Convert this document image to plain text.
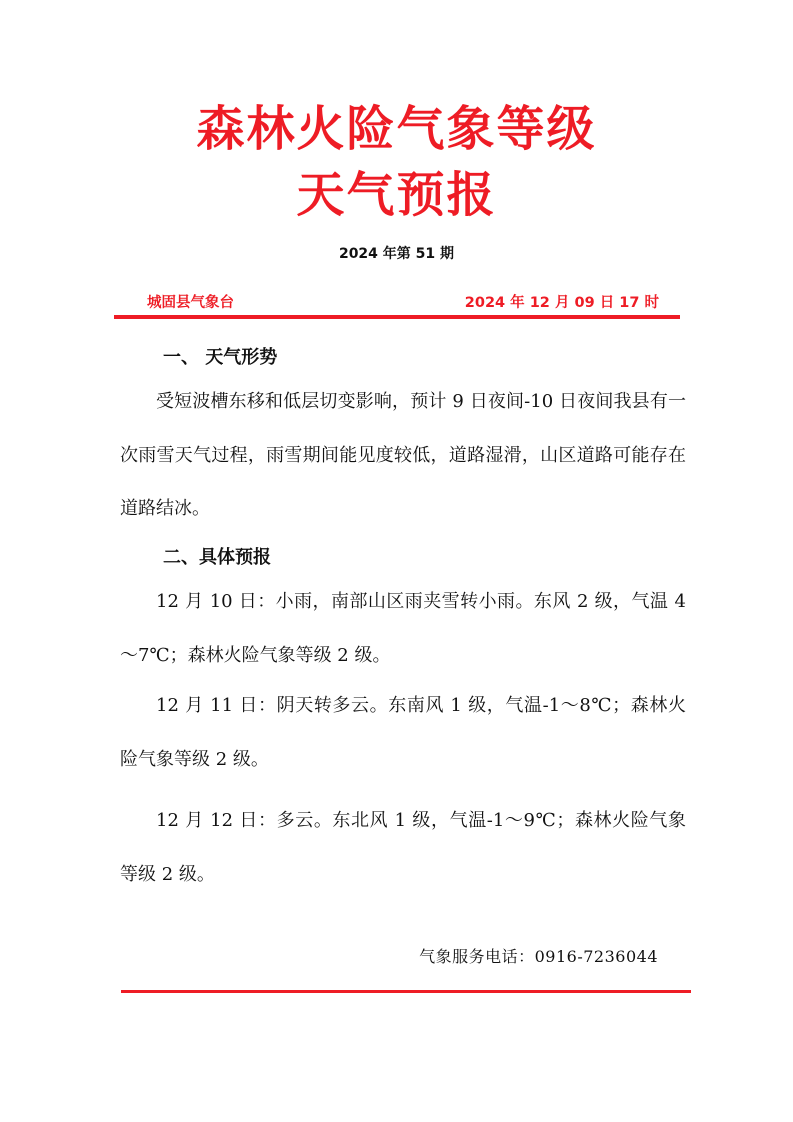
森林火险气象等级
天气预报
2024 年第 51 期
城固县气象台	2024 年 12 月 09 日 17 时
一、 天气形势
受短波槽东移和低层切变影响，预计 9 日夜间-10 日夜间我县有一次雨雪天气过程，雨雪期间能见度较低，道路湿滑，山区道路可能存在道路结冰。
二、具体预报
12 月 10 日：小雨，南部山区雨夹雪转小雨。东风 2 级，气温 4～7℃；森林火险气象等级 2 级。
12 月 11 日：阴天转多云。东南风 1 级，气温-1～8℃；森林火险气象等级 2 级。
12 月 12 日：多云。东北风 1 级，气温-1～9℃；森林火险气象等级 2 级。
气象服务电话：0916-7236044
